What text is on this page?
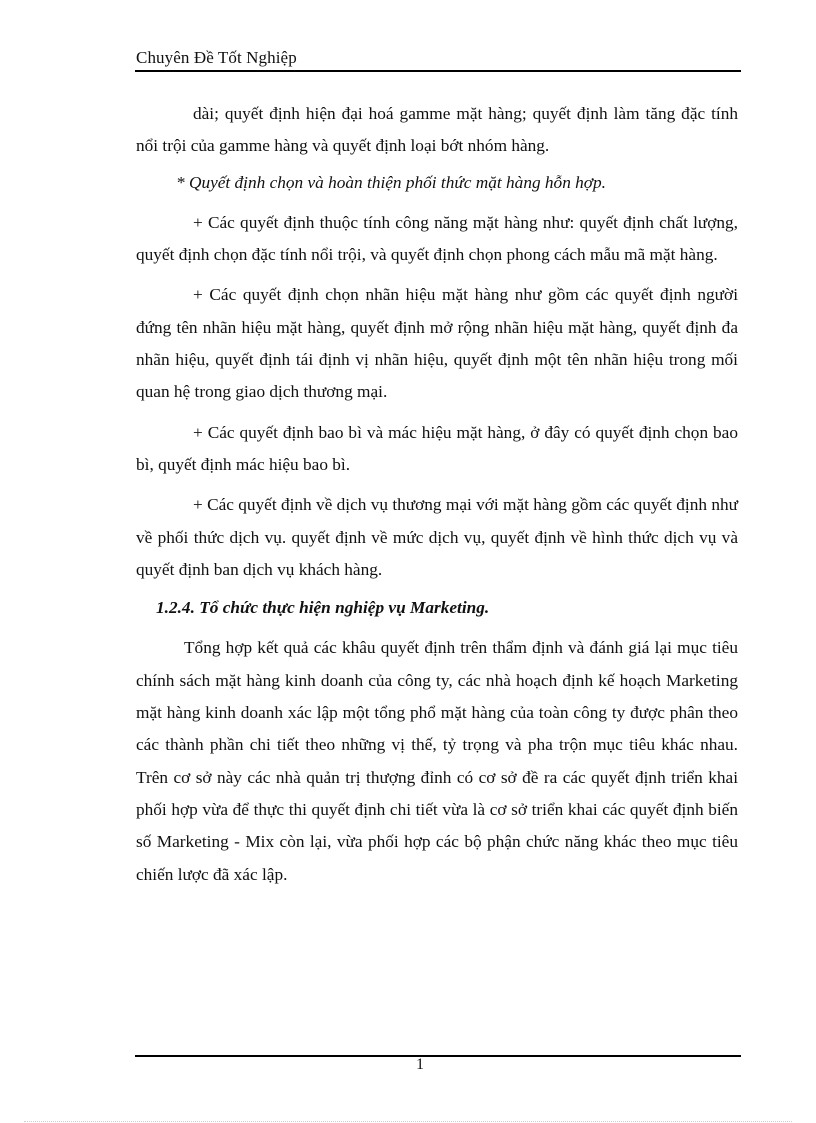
Chuyên Đề Tốt Nghiệp

dài; quyết định hiện đại hoá gamme mặt hàng; quyết định làm tăng đặc tính nổi trội của gamme hàng và quyết định loại bớt nhóm hàng.

* Quyết định chọn và hoàn thiện phối thức mặt hàng hỗn hợp.

+ Các quyết định thuộc tính công năng mặt hàng như: quyết định chất lượng, quyết định chọn đặc tính nổi trội, và quyết định chọn phong cách mẫu mã mặt hàng.

+ Các quyết định chọn nhãn hiệu mặt hàng như gồm các quyết định người đứng tên nhãn hiệu mặt hàng, quyết định mở rộng nhãn hiệu mặt hàng, quyết định đa nhãn hiệu, quyết định tái định vị nhãn hiệu, quyết định một tên nhãn hiệu trong mối quan hệ trong giao dịch thương mại.

+ Các quyết định bao bì và mác hiệu mặt hàng, ở đây có quyết định chọn bao bì, quyết định mác hiệu bao bì.

+ Các quyết định về dịch vụ thương mại với mặt hàng gồm các quyết định như về phối thức dịch vụ. quyết định về mức dịch vụ, quyết định về hình thức dịch vụ và quyết định ban dịch vụ khách hàng.

1.2.4. Tổ chức thực hiện nghiệp vụ Marketing.

Tổng hợp kết quả các khâu quyết định trên thẩm định và đánh giá lại mục tiêu chính sách mặt hàng kinh doanh của công ty, các nhà hoạch định kế hoạch Marketing mặt hàng kinh doanh xác lập một tổng phổ mặt hàng của toàn công ty được phân theo các thành phần chi tiết theo những vị thế, tỷ trọng và pha trộn mục tiêu khác nhau. Trên cơ sở này các nhà quản trị thượng đỉnh có cơ sở đề ra các quyết định triển khai phối hợp vừa để thực thi quyết định chi tiết vừa là cơ sở triển khai các quyết định biến số Marketing - Mix còn lại, vừa phối hợp các bộ phận chức năng khác theo mục tiêu chiến lược đã xác lập.

1
